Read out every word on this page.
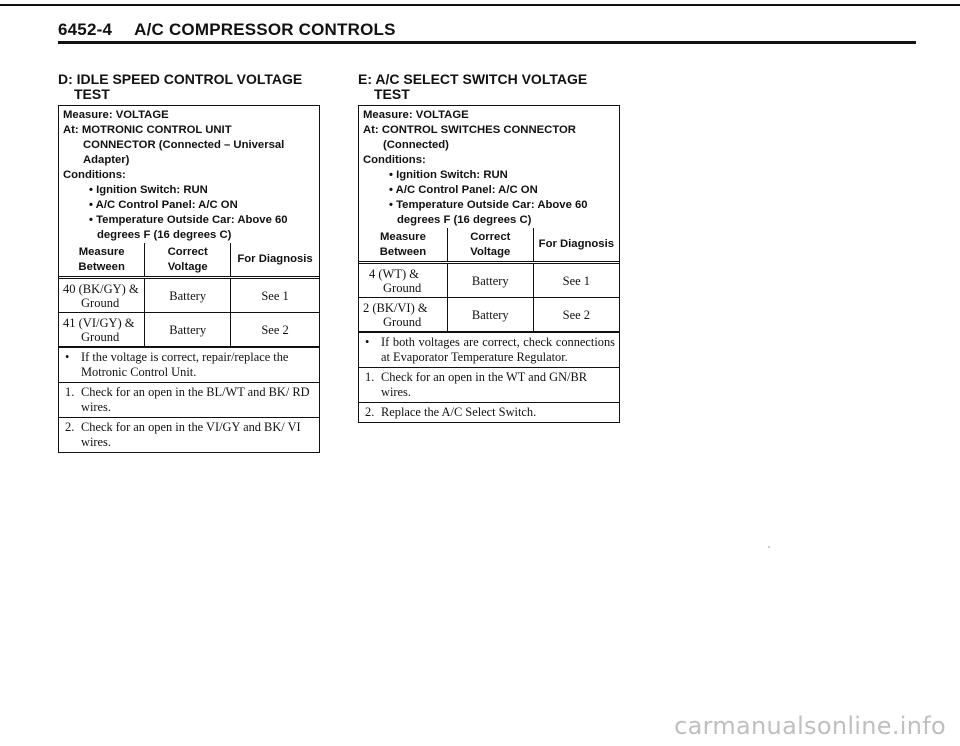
6452-4 A/C COMPRESSOR CONTROLS
D: IDLE SPEED CONTROL VOLTAGE
TEST
Measure: VOLTAGE
At: MOTRONIC CONTROL UNIT
CONNECTOR (Connected – Universal
Adapter)
Conditions:
• Ignition Switch: RUN
• A/C Control Panel: A/C ON
• Temperature Outside Car: Above 60
degrees F (16 degrees C)
Measure Between	Correct Voltage	For Diagnosis

40 (BK/GY) &
Ground	Battery	See 1

41 (VI/GY) &
Ground	Battery	See 2
• If the voltage is correct, repair/replace the Motronic Control Unit.
1. Check for an open in the BL/WT and BK/ RD wires.
2. Check for an open in the VI/GY and BK/ VI wires.
E: A/C SELECT SWITCH VOLTAGE
TEST
Measure: VOLTAGE
At: CONTROL SWITCHES CONNECTOR
(Connected)
Conditions:
• Ignition Switch: RUN
• A/C Control Panel: A/C ON
• Temperature Outside Car: Above 60
degrees F (16 degrees C)
Measure Between	Correct Voltage	For Diagnosis

4 (WT) &
Ground	Battery	See 1

2 (BK/VI) &
Ground	Battery	See 2
• If both voltages are correct, check connections at Evaporator Temperature Regulator.
1. Check for an open in the WT and GN/BR wires.
2. Replace the A/C Select Switch.
carmanualsonline.info
